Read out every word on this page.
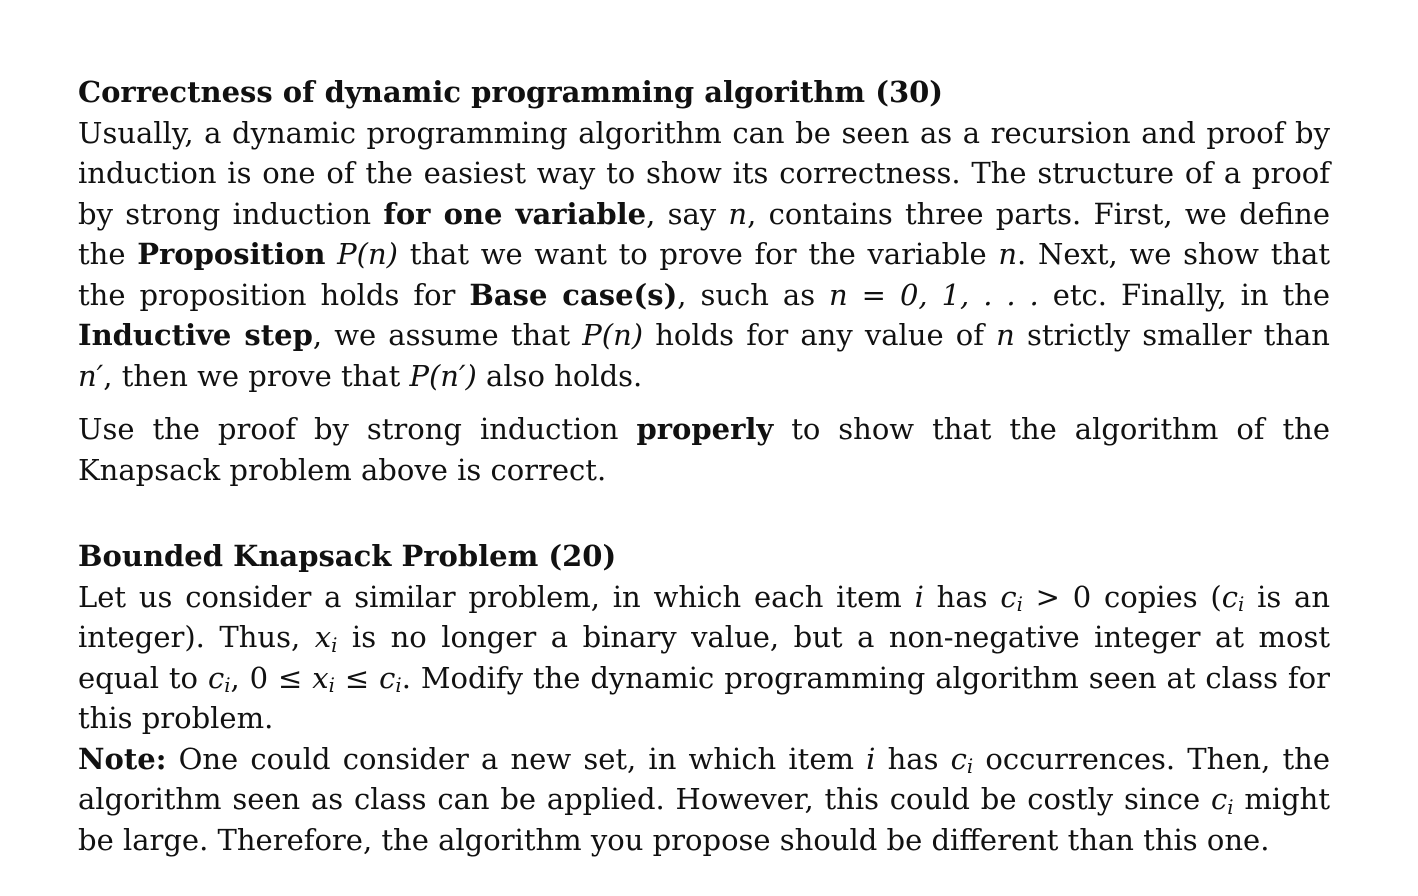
Correctness of dynamic programming algorithm (30)

Usually, a dynamic programming algorithm can be seen as a recursion and proof by induction is one of the easiest way to show its correctness. The structure of a proof by strong induction for one variable, say n, contains three parts. First, we define the Proposition P(n) that we want to prove for the variable n. Next, we show that the proposition holds for Base case(s), such as n = 0, 1, . . . etc. Finally, in the Inductive step, we assume that P(n) holds for any value of n strictly smaller than n′, then we prove that P(n′) also holds.

Use the proof by strong induction properly to show that the algorithm of the Knapsack problem above is correct.

Bounded Knapsack Problem (20)

Let us consider a similar problem, in which each item i has $c_i > 0$ copies ($c_i$ is an integer). Thus, $x_i$ is no longer a binary value, but a non-negative integer at most equal to $c_i$, $0 \le x_i \le c_i$. Modify the dynamic programming algorithm seen at class for this problem.

Note: One could consider a new set, in which item i has $c_i$ occurrences. Then, the algorithm seen as class can be applied. However, this could be costly since $c_i$ might be large. Therefore, the algorithm you propose should be different than this one.
